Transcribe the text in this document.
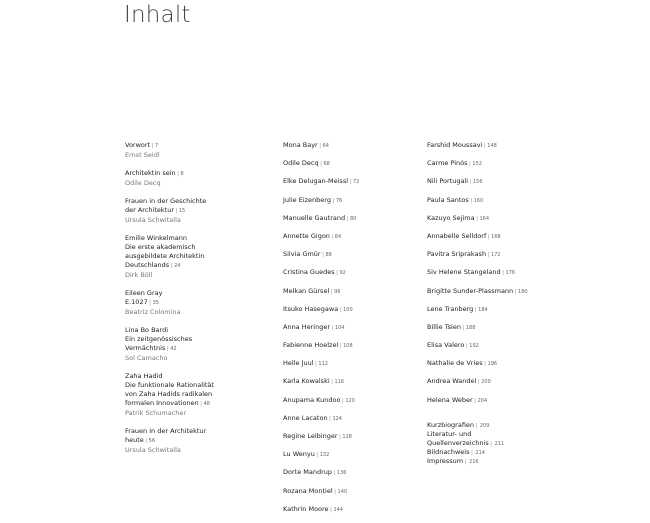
Inhalt
Vorwort | 7
Ernst Seidl
Architektin sein | 8
Odile Decq
Frauen in der Geschichte
der Architektur | 15
Ursula Schwitalla
Emilie Winkelmann
Die erste akademisch
ausgebildete Architektin
Deutschlands | 24
Dirk Böll
Eileen Gray
E.1027 | 35
Beatriz Colomina
Lina Bo Bardi
Ein zeitgenössisches
Vermächtnis | 42
Sol Camacho
Zaha Hadid
Die funktionale Rationalität
von Zaha Hadids radikalen
formalen Innovationen | 48
Patrik Schumacher
Frauen in der Architektur
heute | 56
Ursula Schwitalla
Mona Bayr | 64
Odile Decq | 68
Elke Delugan-Meissl | 72
Julie Eizenberg | 76
Manuelle Gautrand | 80
Annette Gigon | 84
Silvia Gmür | 88
Cristina Guedes | 92
Melkan Gürsel | 96
Itsuko Hasegawa | 100
Anna Heringer | 104
Fabienne Hoelzel | 108
Helle Juul | 112
Karla Kowalski | 116
Anupama Kundoo | 120
Anne Lacaton | 124
Regine Leibinger | 128
Lu Wenyu | 132
Dorte Mandrup | 136
Rozana Montiel | 140
Kathrin Moore | 144
Farshid Moussavi | 148
Carme Pinós | 152
Nili Portugali | 156
Paula Santos | 160
Kazuyo Sejima | 164
Annabelle Selldorf | 168
Pavitra Sriprakash | 172
Siv Helene Stangeland | 176
Brigitte Sunder-Plassmann | 180
Lene Tranberg | 184
Billie Tsien | 188
Elisa Valero | 192
Nathalie de Vries | 196
Andrea Wandel | 200
Helena Weber | 204
Kurzbiografien | 209
Literatur- und
Quellenverzeichnis | 211
Bildnachweis | 214
Impressum | 216
